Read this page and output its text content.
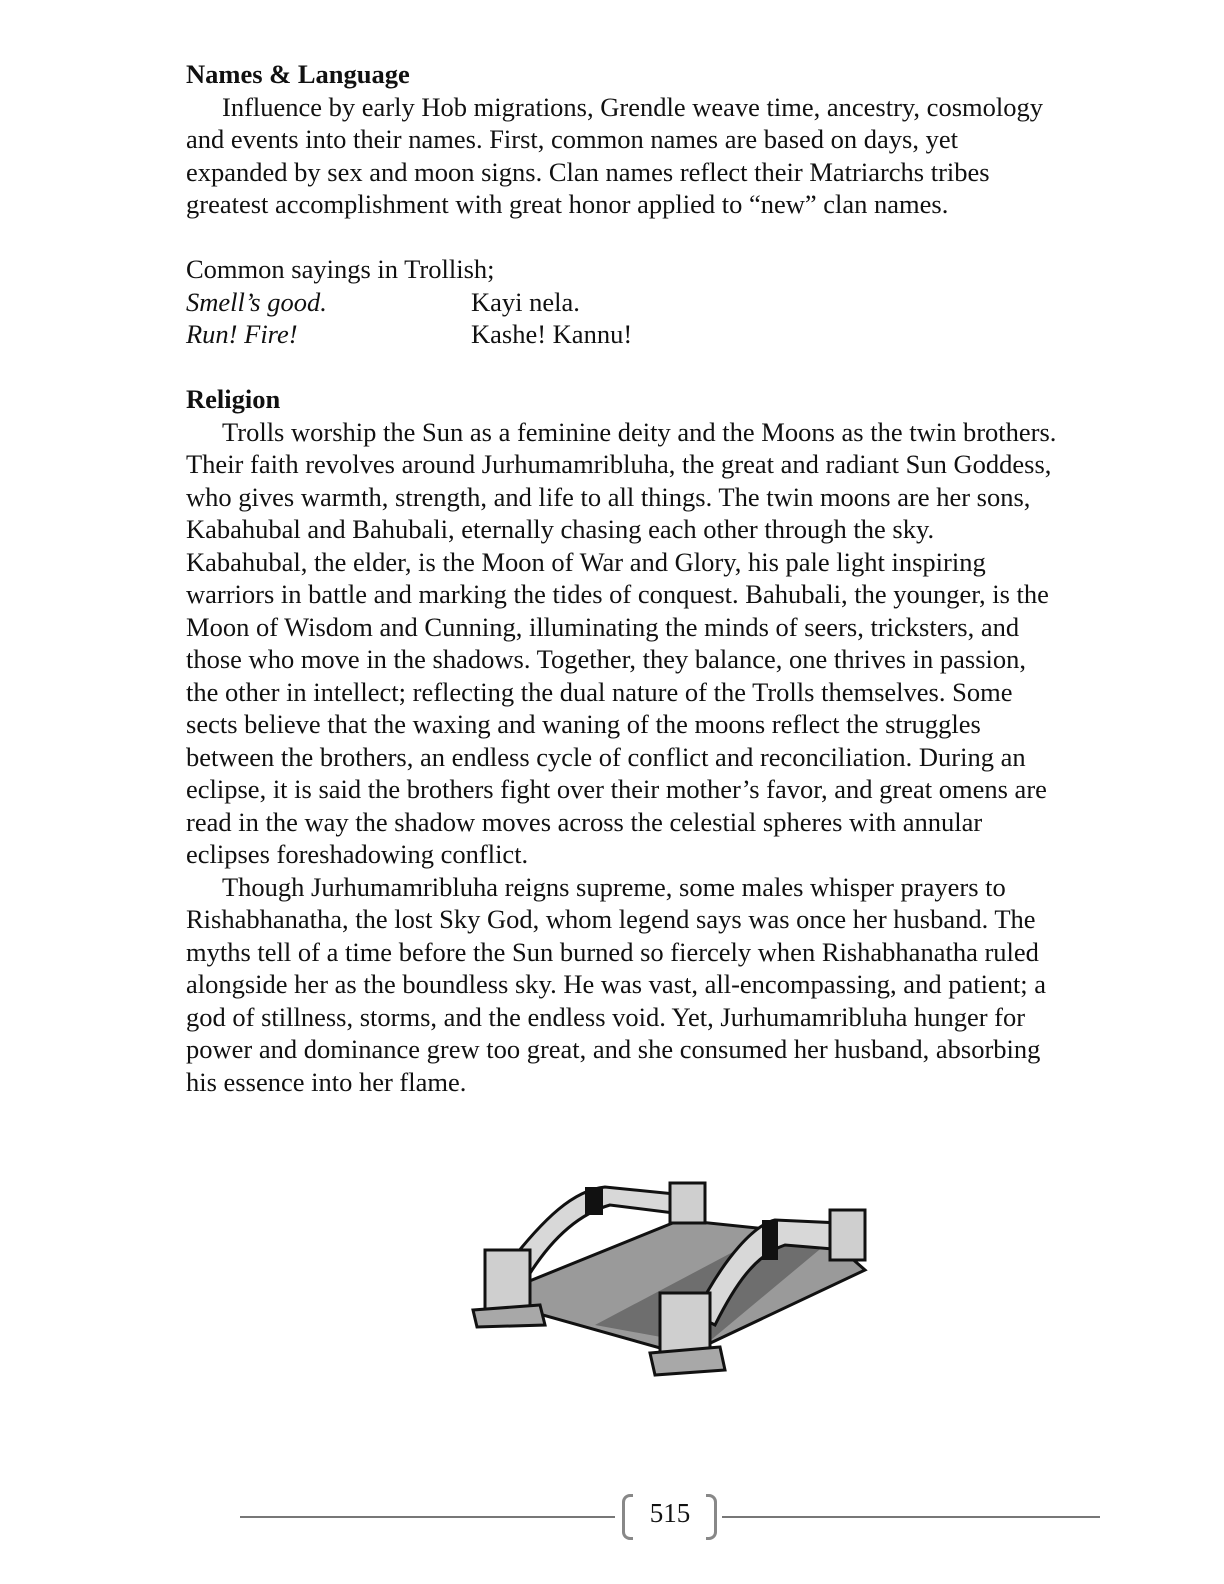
Names & Language
Influence by early Hob migrations, Grendle weave time, ancestry, cosmology
and events into their names. First, common names are based on days, yet
expanded by sex and moon signs. Clan names reflect their Matriarchs tribes
greatest accomplishment with great honor applied to “new” clan names.
Common sayings in Trollish;
Smell’s good.	Kayi nela.
Run! Fire!	Kashe! Kannu!
Religion
Trolls worship the Sun as a feminine deity and the Moons as the twin brothers.
Their faith revolves around Jurhumamribluha, the great and radiant Sun Goddess,
who gives warmth, strength, and life to all things. The twin moons are her sons,
Kabahubal and Bahubali, eternally chasing each other through the sky.
Kabahubal, the elder, is the Moon of War and Glory, his pale light inspiring
warriors in battle and marking the tides of conquest. Bahubali, the younger, is the
Moon of Wisdom and Cunning, illuminating the minds of seers, tricksters, and
those who move in the shadows. Together, they balance, one thrives in passion,
the other in intellect; reflecting the dual nature of the Trolls themselves. Some
sects believe that the waxing and waning of the moons reflect the struggles
between the brothers, an endless cycle of conflict and reconciliation. During an
eclipse, it is said the brothers fight over their mother’s favor, and great omens are
read in the way the shadow moves across the celestial spheres with annular
eclipses foreshadowing conflict.
Though Jurhumamribluha reigns supreme, some males whisper prayers to
Rishabhanatha, the lost Sky God, whom legend says was once her husband. The
myths tell of a time before the Sun burned so fiercely when Rishabhanatha ruled
alongside her as the boundless sky. He was vast, all-encompassing, and patient; a
god of stillness, storms, and the endless void. Yet, Jurhumamribluha hunger for
power and dominance grew too great, and she consumed her husband, absorbing
his essence into her flame.
515
